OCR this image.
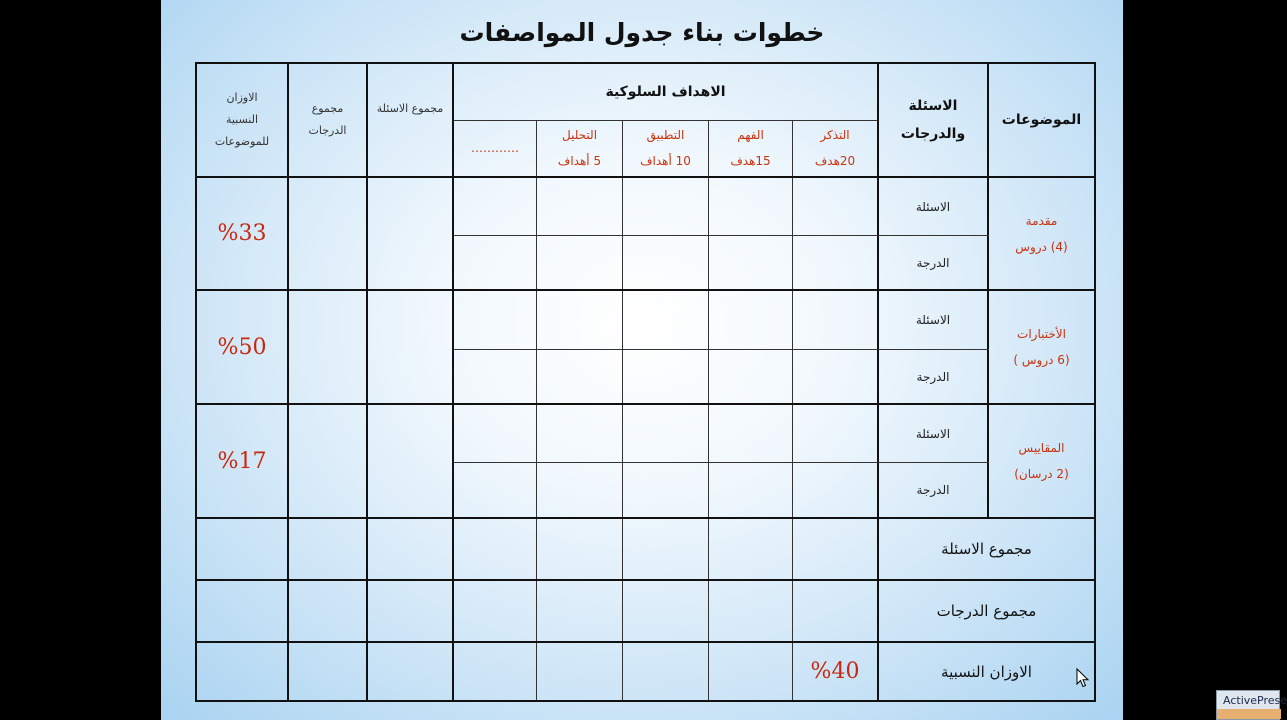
خطوات بناء جدول المواصفات
الموضوعات
الاسئلة والدرجات
الاهداف السلوكية
مجموع الاسئلة
مجموع الدرجات
الاوزان النسبية للموضوعات	التذكر
20هدف
الفهم
15هدف
التطبيق
10 أهداف
التحليل
5 أهداف
…………
مقدمة
(4) دروس
الاسئلة
الدرجة
%33
الأختبارات
(6 دروس )
الاسئلة
الدرجة
%50
المقاييس
(2 درسان)
الاسئلة
الدرجة
%17
مجموع الاسئلة
مجموع الدرجات
الاوزان النسبية
%40
ActivePrese
